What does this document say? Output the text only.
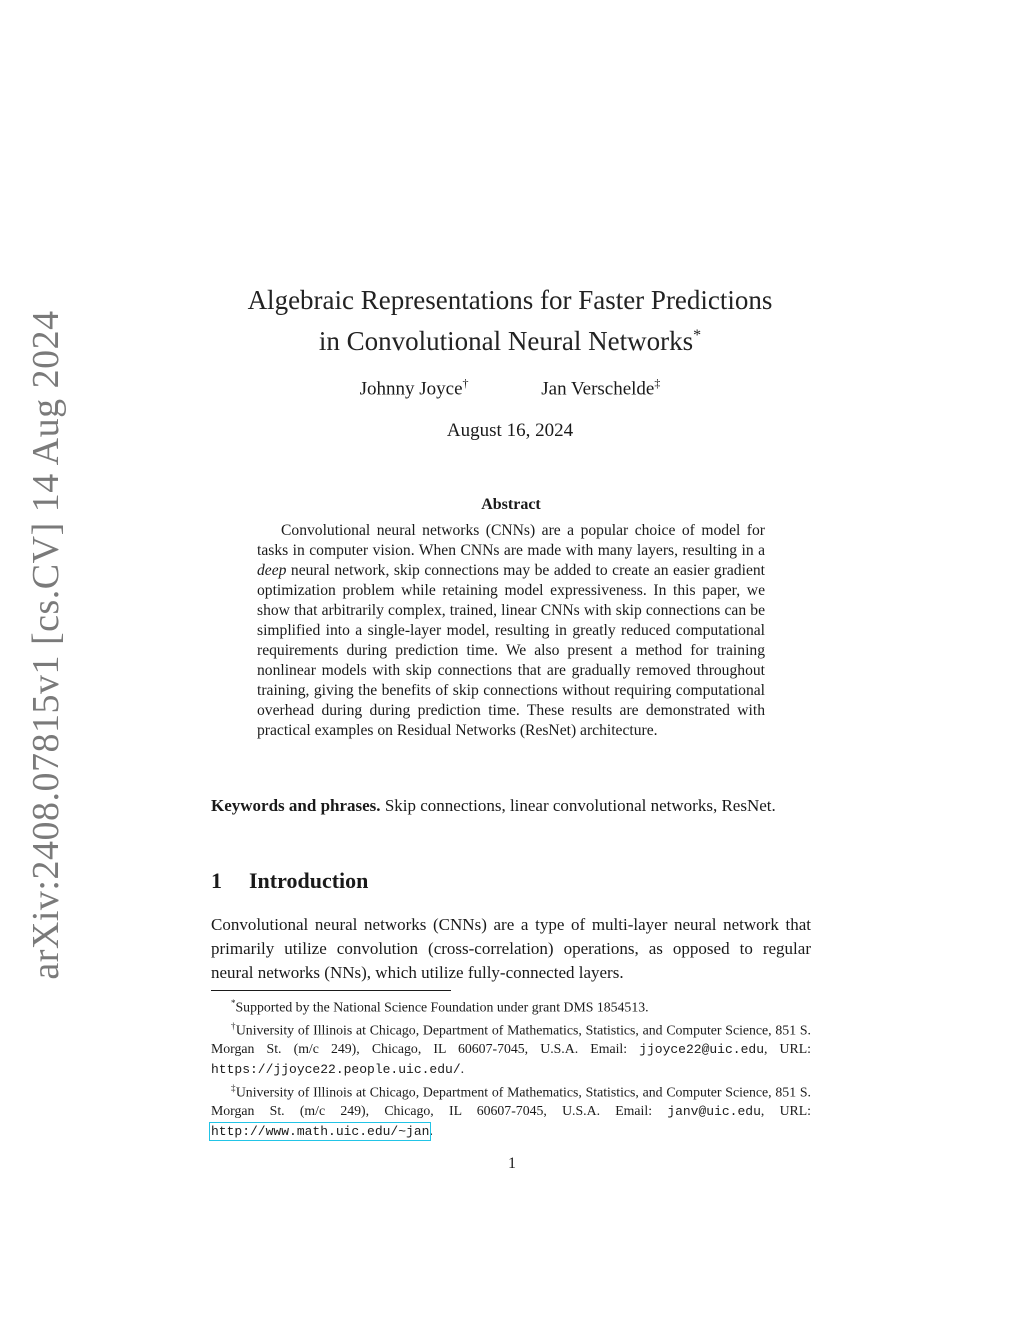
arXiv:2408.07815v1 [cs.CV] 14 Aug 2024
Algebraic Representations for Faster Predictions
in Convolutional Neural Networks*
Johnny Joyce†	Jan Verschelde‡
August 16, 2024
Abstract

Convolutional neural networks (CNNs) are a popular choice of model for tasks in computer vision. When CNNs are made with many layers, resulting in a deep neural network, skip connections may be added to create an easier gradient optimization problem while retaining model expressiveness. In this paper, we show that arbitrarily complex, trained, linear CNNs with skip connections can be simplified into a single-layer model, resulting in greatly reduced computational requirements during prediction time. We also present a method for training nonlinear models with skip connections that are gradually removed throughout training, giving the benefits of skip connections without requiring computational overhead during during prediction time. These results are demonstrated with practical examples on Residual Networks (ResNet) architecture.

Keywords and phrases. Skip connections, linear convolutional networks, ResNet.

1 Introduction

Convolutional neural networks (CNNs) are a type of multi-layer neural network that primarily utilize convolution (cross-correlation) operations, as opposed to regular neural networks (NNs), which utilize fully-connected layers.

*Supported by the National Science Foundation under grant DMS 1854513.

†University of Illinois at Chicago, Department of Mathematics, Statistics, and Computer Science, 851 S. Morgan St. (m/c 249), Chicago, IL 60607-7045, U.S.A. Email: jjoyce22@uic.edu, URL: https://jjoyce22.people.uic.edu/.

‡University of Illinois at Chicago, Department of Mathematics, Statistics, and Computer Science, 851 S. Morgan St. (m/c 249), Chicago, IL 60607-7045, U.S.A. Email: janv@uic.edu, URL: http://www.math.uic.edu/~jan.

1
